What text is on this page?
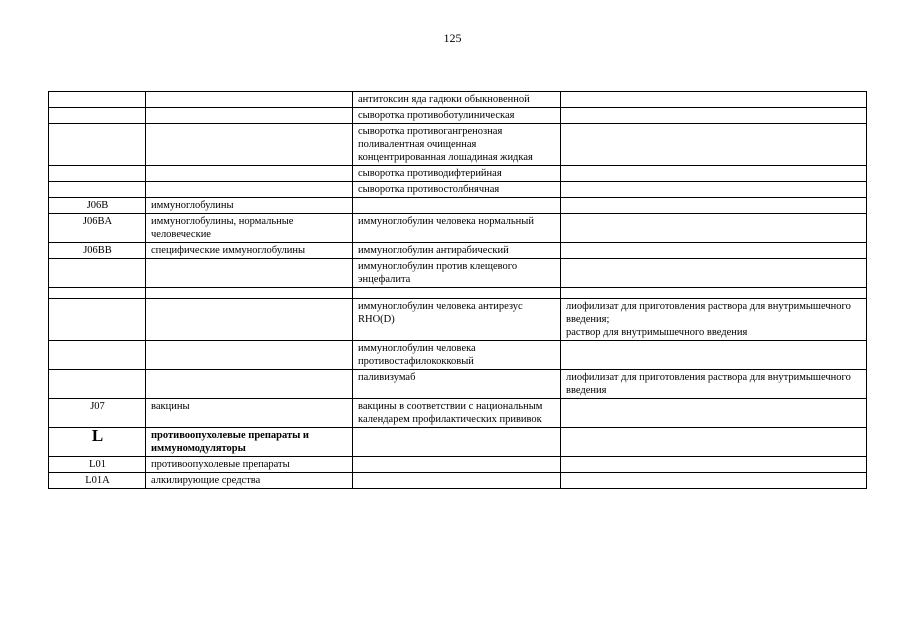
125
		антитоксин яда гадюки обыкновенной	
		сыворотка противоботулиническая	
		сыворотка противогангренозная поливалентная очищенная концентрированная лошадиная жидкая	
		сыворотка противодифтерийная	
		сыворотка противостолбнячная	
J06B	иммуноглобулины		
J06BA	иммуноглобулины, нормальные человеческие	иммуноглобулин человека нормальный	
J06BB	специфические иммуноглобулины	иммуноглобулин антирабический	
		иммуноглобулин против клещевого энцефалита	

		иммуноглобулин человека антирезус RHO(D)	лиофилизат для приготовления раствора для внутримышечного введения;
раствор для внутримышечного введения

		иммуноглобулин человека противостафилококковый	
		паливизумаб	лиофилизат для приготовления раствора для внутримышечного введения
J07	вакцины	вакцины в соответствии с национальным календарем профилактических прививок	
L	противоопухолевые препараты и иммуномодуляторы		
L01	противоопухолевые препараты		
L01A	алкилирующие средства		
